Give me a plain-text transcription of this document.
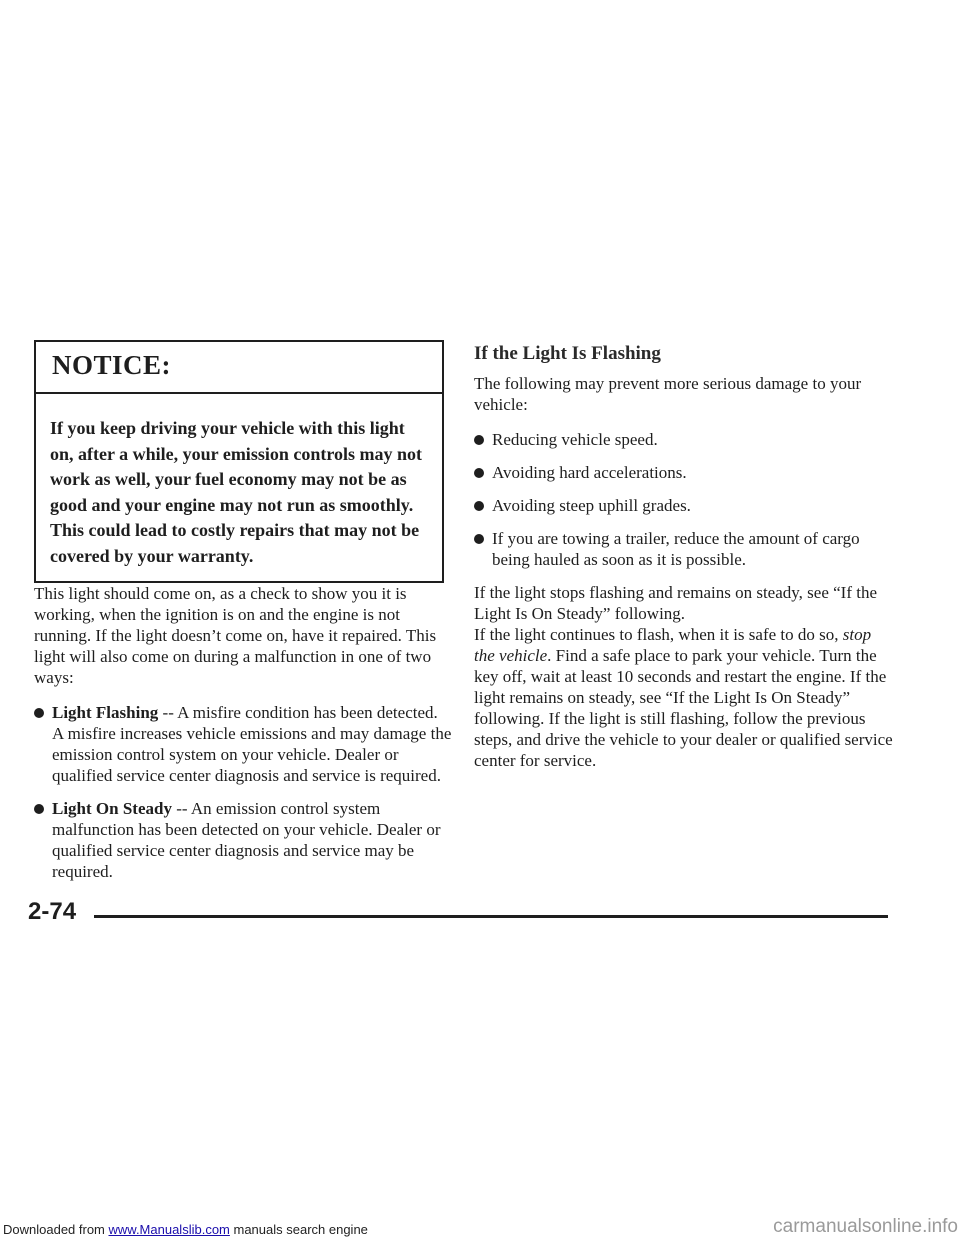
NOTICE:
If you keep driving your vehicle with this light on, after a while, your emission controls may not work as well, your fuel economy may not be as good and your engine may not run as smoothly. This could lead to costly repairs that may not be covered by your warranty.

This light should come on, as a check to show you it is working, when the ignition is on and the engine is not running. If the light doesn’t come on, have it repaired. This light will also come on during a malfunction in one of two ways:

Light Flashing -- A misfire condition has been detected. A misfire increases vehicle emissions and may damage the emission control system on your vehicle. Dealer or qualified service center diagnosis and service is required.
Light On Steady -- An emission control system malfunction has been detected on your vehicle. Dealer or qualified service center diagnosis and service may be required.
If the Light Is Flashing

The following may prevent more serious damage to your vehicle:

Reducing vehicle speed.
Avoiding hard accelerations.
Avoiding steep uphill grades.
If you are towing a trailer, reduce the amount of cargo being hauled as soon as it is possible.

If the light stops flashing and remains on steady, see “If the Light Is On Steady” following.

If the light continues to flash, when it is safe to do so, stop the vehicle. Find a safe place to park your vehicle. Turn the key off, wait at least 10 seconds and restart the engine. If the light remains on steady, see “If the Light Is On Steady” following. If the light is still flashing, follow the previous steps, and drive the vehicle to your dealer or qualified service center for service.

2-74
Downloaded from www.Manualslib.com manuals search engine	carmanualsonline.info
